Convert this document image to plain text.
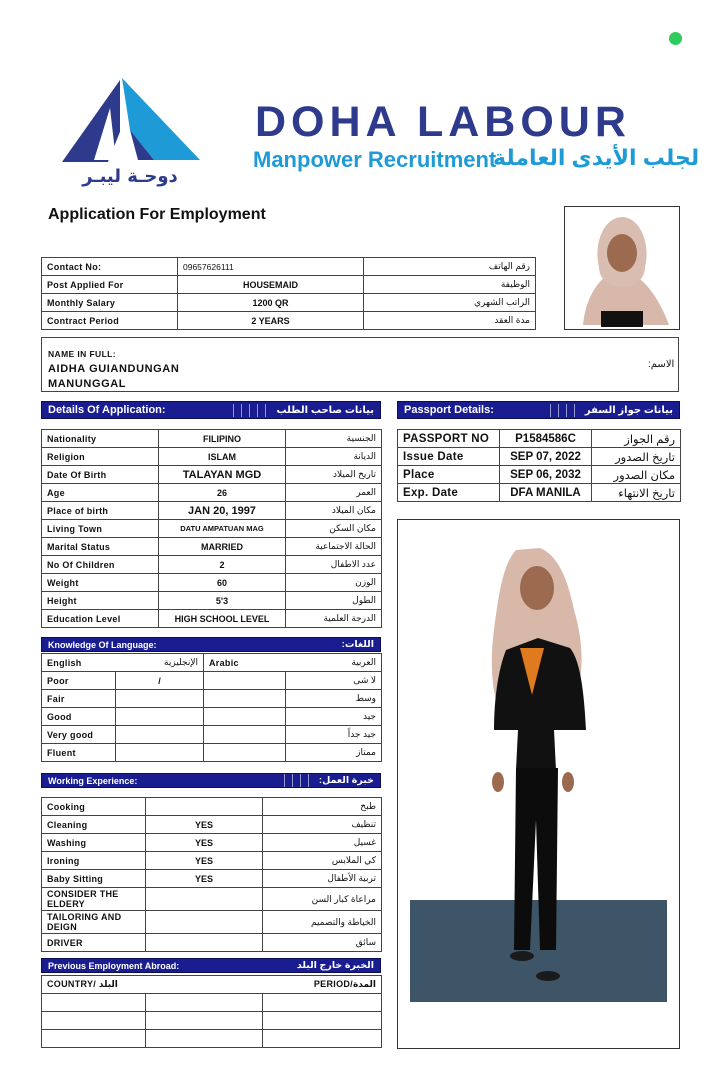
دوحـة ليبـر
DOHA LABOUR
Manpower Recruitment
لجلب الأيدى العاملة
Application For Employment
Contact No:	09657626111	رقم الهاتف
Post Applied For	HOUSEMAID	الوظيفة
Monthly Salary	1200 QR	الراتب الشهري
Contract Period	2 YEARS	مدة العقد
NAME IN FULL:
AIDHA GUIANDUNGAN
MANUNGGAL
الاسم:
Details Of Application:	بيانات صاحب الطلب	Passport Details:	بيانات جواز السفر
Nationality	FILIPINO	الجنسية
Religion	ISLAM	الديانة
Date Of Birth	TALAYAN MGD	تاريخ الميلاد
Age	26	العمر
Place of birth	JAN 20, 1997	مكان الميلاد
Living Town	DATU AMPATUAN MAG	مكان السكن
Marital Status	MARRIED	الحالة الاجتماعية
No Of Children	2	عدد الاطفال
Weight	60	الوزن
Height	5'3	الطول
Education Level	HIGH SCHOOL LEVEL	الدرجة العلمية
PASSPORT NO	P1584586C	رقم الجواز
Issue Date	SEP 07, 2022	تاريخ الصدور
Place	SEP 06, 2032	مكان الصدور
Exp. Date	DFA MANILA	تاريخ الانتهاء
Knowledge Of Language:	اللغات:
English	الإنجليزية	Arabic	العربية
Poor	/		لا شى
Fair			وسط
Good			جيد
Very good			جيد جداً
Fluent			ممتاز
Working Experience:	خبرة العمل:
Cooking		طبخ
Cleaning	YES	تنظيف
Washing	YES	غسيل
Ironing	YES	كي الملابس
Baby Sitting	YES	تربية الأطفال
CONSIDER THE ELDERY		مراعاة كبار السن
TAILORING AND DEIGN		الخياطة والتصميم
DRIVER		سائق
Previous Employment Abroad:	الخبرة خارج البلد
COUNTRY/ البلد		PERIOD/المدة
